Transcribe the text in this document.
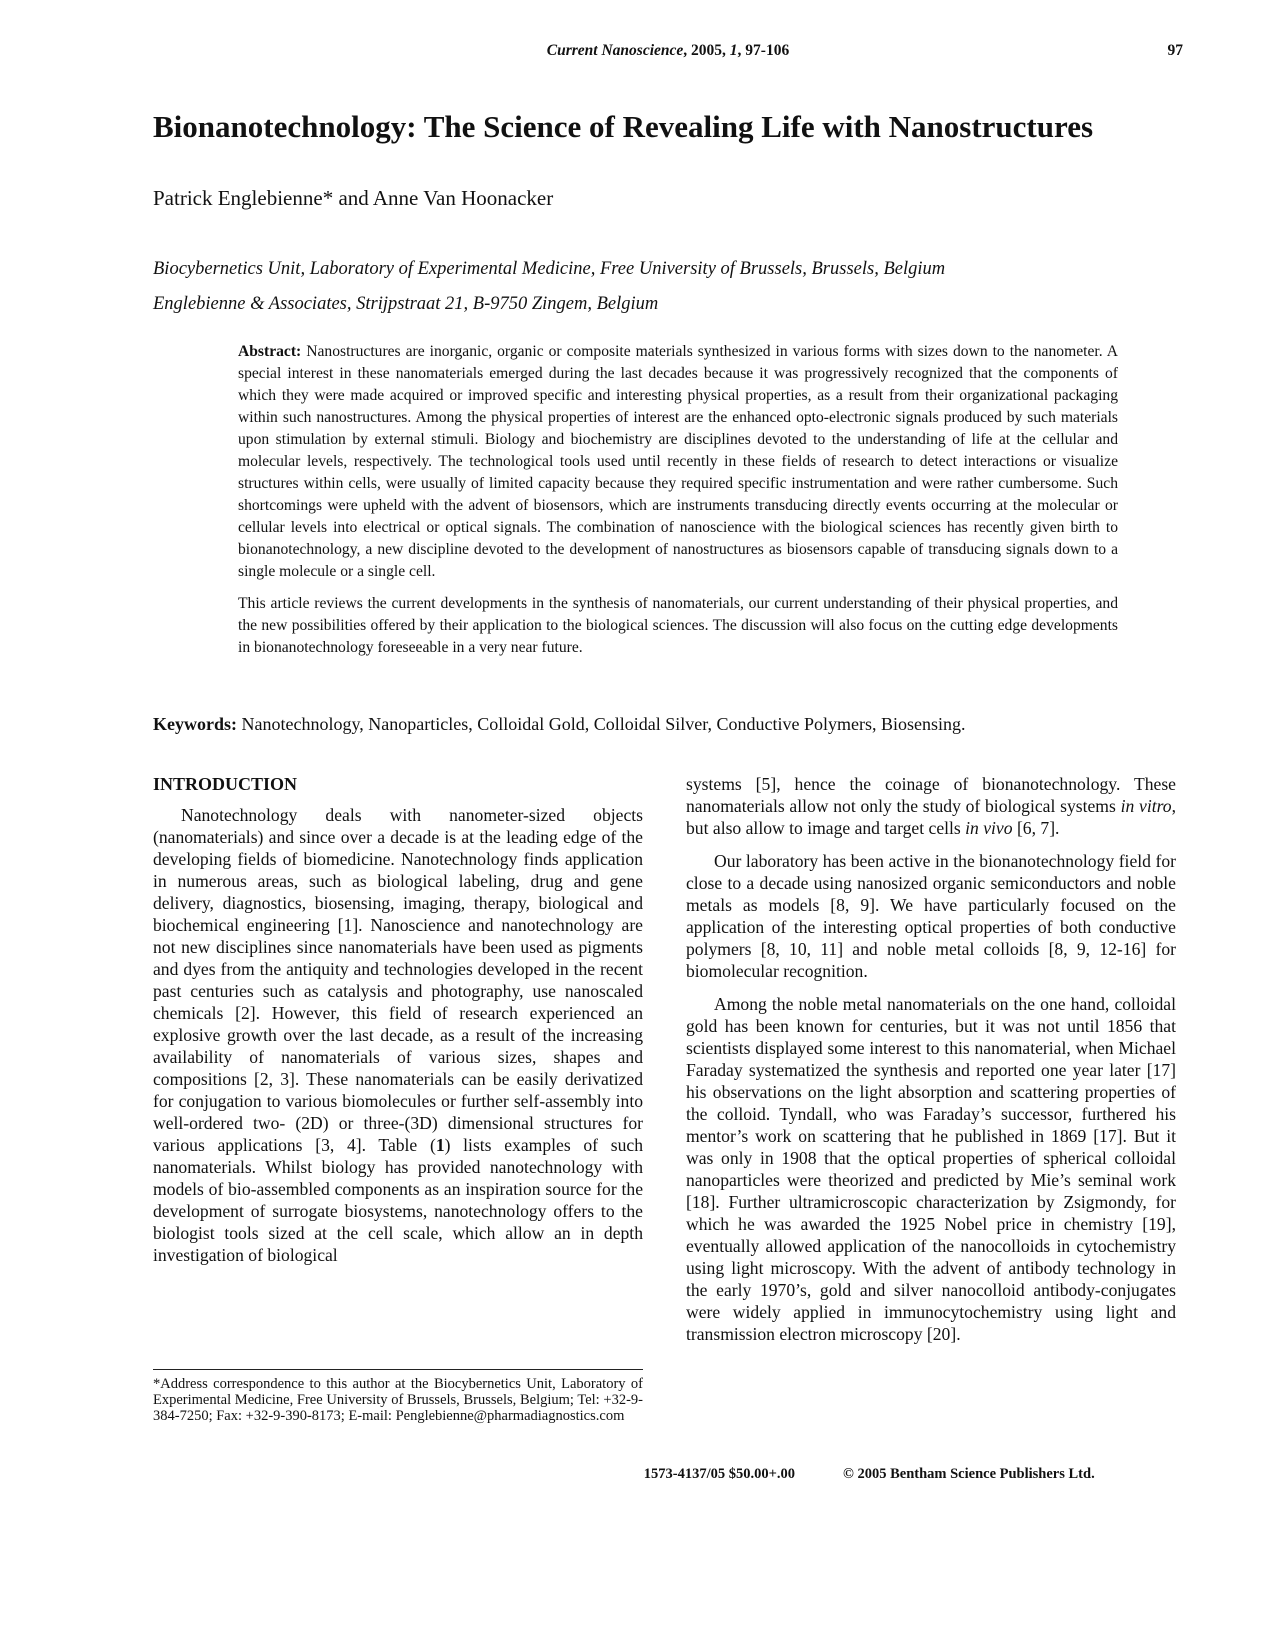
Current Nanoscience, 2005, 1, 97-106	97
Bionanotechnology: The Science of Revealing Life with Nanostructures
Patrick Englebienne* and Anne Van Hoonacker
Biocybernetics Unit, Laboratory of Experimental Medicine, Free University of Brussels, Brussels, Belgium
Englebienne & Associates, Strijpstraat 21, B-9750 Zingem, Belgium

Abstract: Nanostructures are inorganic, organic or composite materials synthesized in various forms with sizes down to the nanometer. A special interest in these nanomaterials emerged during the last decades because it was progressively recognized that the components of which they were made acquired or improved specific and interesting physical properties, as a result from their organizational packaging within such nanostructures. Among the physical properties of interest are the enhanced opto-electronic signals produced by such materials upon stimulation by external stimuli. Biology and biochemistry are disciplines devoted to the understanding of life at the cellular and molecular levels, respectively. The technological tools used until recently in these fields of research to detect interactions or visualize structures within cells, were usually of limited capacity because they required specific instrumentation and were rather cumbersome. Such shortcomings were upheld with the advent of biosensors, which are instruments transducing directly events occurring at the molecular or cellular levels into electrical or optical signals. The combination of nanoscience with the biological sciences has recently given birth to bionanotechnology, a new discipline devoted to the development of nanostructures as biosensors capable of transducing signals down to a single molecule or a single cell.

This article reviews the current developments in the synthesis of nanomaterials, our current understanding of their physical properties, and the new possibilities offered by their application to the biological sciences. The discussion will also focus on the cutting edge developments in bionanotechnology foreseeable in a very near future.

Keywords: Nanotechnology, Nanoparticles, Colloidal Gold, Colloidal Silver, Conductive Polymers, Biosensing.
INTRODUCTION

Nanotechnology deals with nanometer-sized objects (nanomaterials) and since over a decade is at the leading edge of the developing fields of biomedicine. Nanotechnology finds application in numerous areas, such as biological labeling, drug and gene delivery, diagnostics, biosensing, imaging, therapy, biological and biochemical engineering [1]. Nanoscience and nanotechnology are not new disciplines since nanomaterials have been used as pigments and dyes from the antiquity and technologies developed in the recent past centuries such as catalysis and photography, use nanoscaled chemicals [2]. However, this field of research experienced an explosive growth over the last decade, as a result of the increasing availability of nanomaterials of various sizes, shapes and compositions [2, 3]. These nanomaterials can be easily derivatized for conjugation to various biomolecules or further self-assembly into well-ordered two- (2D) or three-(3D) dimensional structures for various applications [3, 4]. Table (1) lists examples of such nanomaterials. Whilst biology has provided nanotechnology with models of bio-assembled components as an inspiration source for the development of surrogate biosystems, nanotechnology offers to the biologist tools sized at the cell scale, which allow an in depth investigation of biological

systems [5], hence the coinage of bionanotechnology. These nanomaterials allow not only the study of biological systems in vitro, but also allow to image and target cells in vivo [6, 7].

Our laboratory has been active in the bionanotechnology field for close to a decade using nanosized organic semiconductors and noble metals as models [8, 9]. We have particularly focused on the application of the interesting optical properties of both conductive polymers [8, 10, 11] and noble metal colloids [8, 9, 12-16] for biomolecular recognition.

Among the noble metal nanomaterials on the one hand, colloidal gold has been known for centuries, but it was not until 1856 that scientists displayed some interest to this nanomaterial, when Michael Faraday systematized the synthesis and reported one year later [17] his observations on the light absorption and scattering properties of the colloid. Tyndall, who was Faraday’s successor, furthered his mentor’s work on scattering that he published in 1869 [17]. But it was only in 1908 that the optical properties of spherical colloidal nanoparticles were theorized and predicted by Mie’s seminal work [18]. Further ultramicroscopic characterization by Zsigmondy, for which he was awarded the 1925 Nobel price in chemistry [19], eventually allowed application of the nanocolloids in cytochemistry using light microscopy. With the advent of antibody technology in the early 1970’s, gold and silver nanocolloid antibody-conjugates were widely applied in immunocytochemistry using light and transmission electron microscopy [20].

*Address correspondence to this author at the Biocybernetics Unit, Laboratory of Experimental Medicine, Free University of Brussels, Brussels, Belgium; Tel: +32-9-384-7250; Fax: +32-9-390-8173; E-mail: Penglebienne@pharmadiagnostics.com
1573-4137/05 $50.00+.00	© 2005 Bentham Science Publishers Ltd.
